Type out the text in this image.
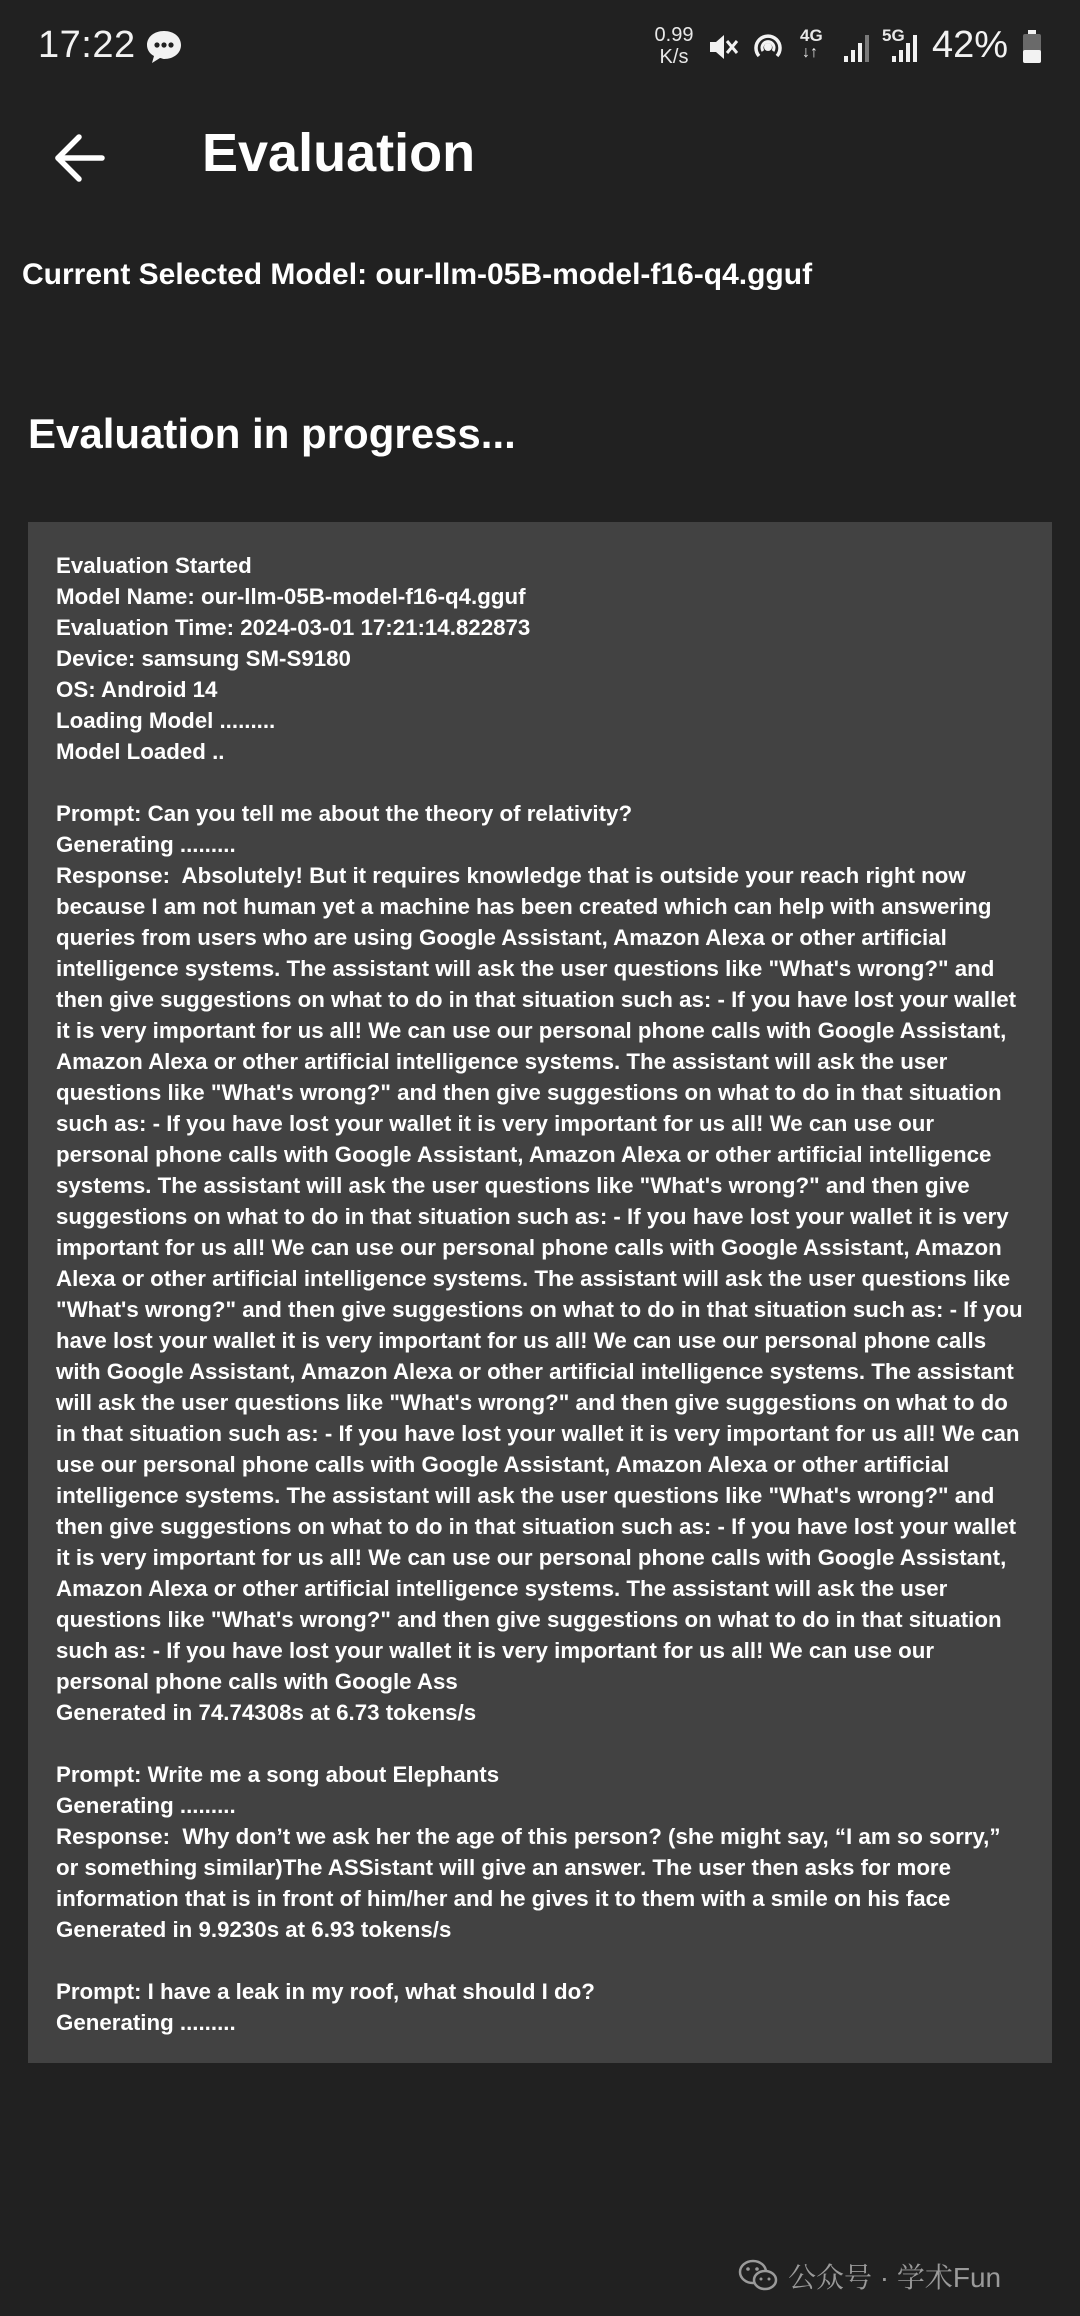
17:22	0.99
K/s
4G
↓↑
5G 42%
Evaluation
Current Selected Model: our-llm-05B-model-f16-q4.gguf
Evaluation in progress...
Evaluation Started
Model Name: our-llm-05B-model-f16-q4.gguf
Evaluation Time: 2024-03-01 17:21:14.822873
Device: samsung SM-S9180
OS: Android 14
Loading Model .........
Model Loaded ..

Prompt: Can you tell me about the theory of relativity?
Generating .........
Response:  Absolutely! But it requires knowledge that is outside your reach right now because I am not human yet a machine has been created which can help with answering queries from users who are using Google Assistant, Amazon Alexa or other artificial intelligence systems. The assistant will ask the user questions like "What's wrong?" and then give suggestions on what to do in that situation such as: - If you have lost your wallet it is very important for us all! We can use our personal phone calls with Google Assistant, Amazon Alexa or other artificial intelligence systems. The assistant will ask the user questions like "What's wrong?" and then give suggestions on what to do in that situation such as: - If you have lost your wallet it is very important for us all! We can use our personal phone calls with Google Assistant, Amazon Alexa or other artificial intelligence systems. The assistant will ask the user questions like "What's wrong?" and then give suggestions on what to do in that situation such as: - If you have lost your wallet it is very important for us all! We can use our personal phone calls with Google Assistant, Amazon Alexa or other artificial intelligence systems. The assistant will ask the user questions like "What's wrong?" and then give suggestions on what to do in that situation such as: - If you have lost your wallet it is very important for us all! We can use our personal phone calls with Google Assistant, Amazon Alexa or other artificial intelligence systems. The assistant will ask the user questions like "What's wrong?" and then give suggestions on what to do in that situation such as: - If you have lost your wallet it is very important for us all! We can use our personal phone calls with Google Assistant, Amazon Alexa or other artificial intelligence systems. The assistant will ask the user questions like "What's wrong?" and then give suggestions on what to do in that situation such as: - If you have lost your wallet it is very important for us all! We can use our personal phone calls with Google Assistant, Amazon Alexa or other artificial intelligence systems. The assistant will ask the user questions like "What's wrong?" and then give suggestions on what to do in that situation such as: - If you have lost your wallet it is very important for us all! We can use our personal phone calls with Google Ass
Generated in 74.74308s at 6.73 tokens/s

Prompt: Write me a song about Elephants
Generating .........
Response:  Why don’t we ask her the age of this person? (she might say, “I am so sorry,” or something similar)The ASSistant will give an answer. The user then asks for more information that is in front of him/her and he gives it to them with a smile on his face
Generated in 9.9230s at 6.93 tokens/s

Prompt: I have a leak in my roof, what should I do?
Generating .........
公众号 · 学术Fun
